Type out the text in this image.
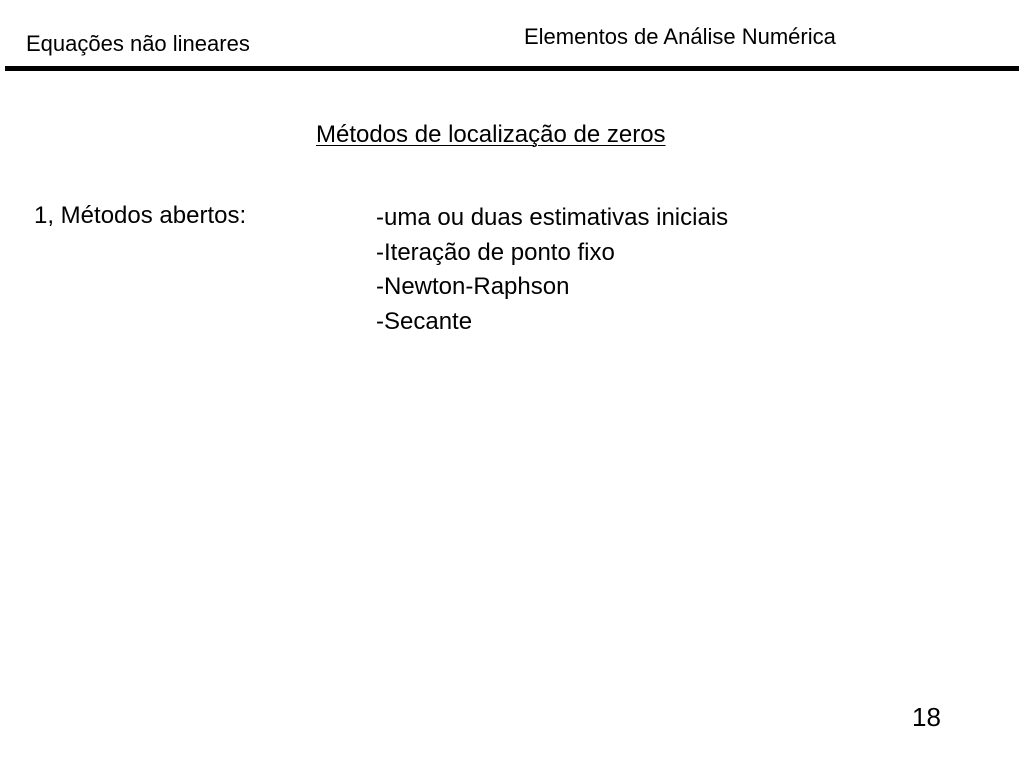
Equações não lineares	Elementos de Análise Numérica
Métodos de localização de zeros
1, Métodos abertos:	-uma ou duas estimativas iniciais
-Iteração de ponto fixo
-Newton-Raphson
-Secante
18
